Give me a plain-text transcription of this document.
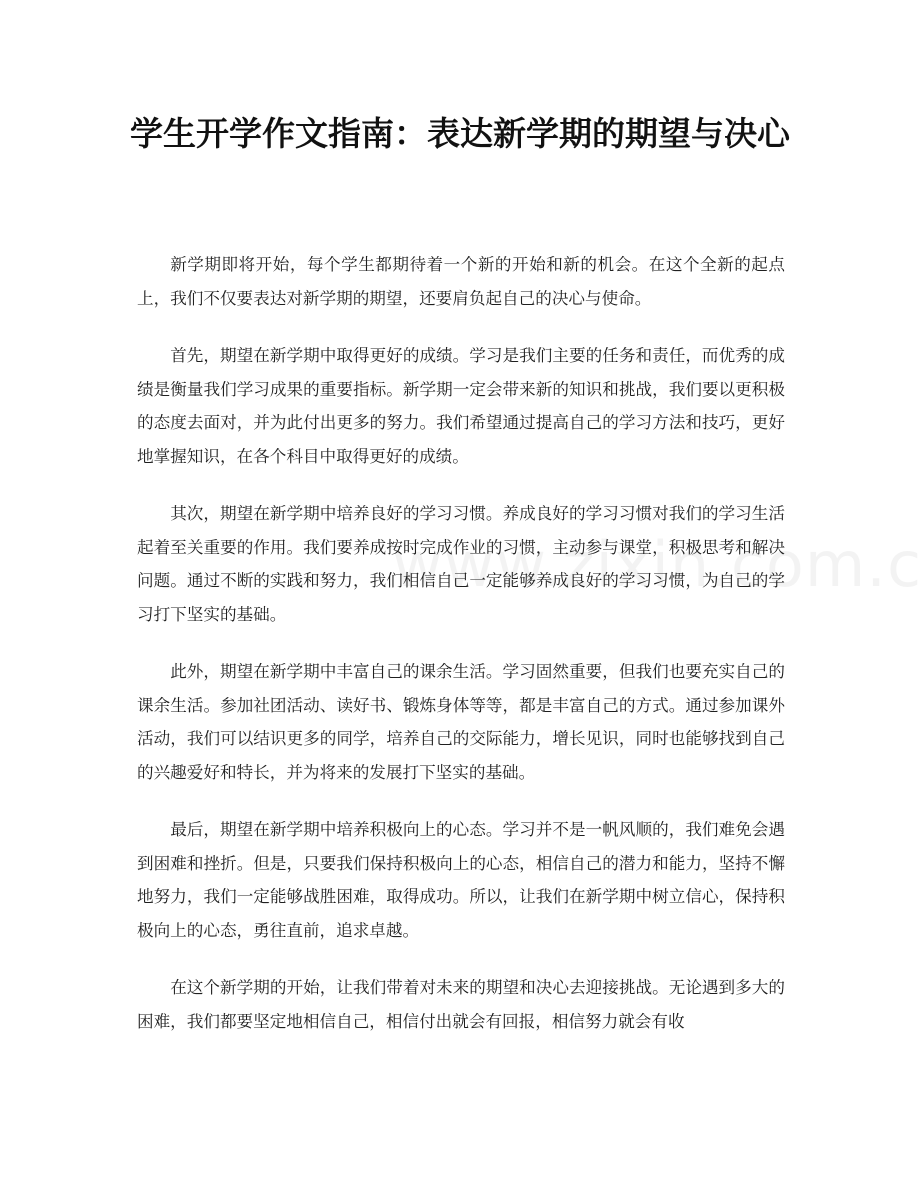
学生开学作文指南：表达新学期的期望与决心

新学期即将开始，每个学生都期待着一个新的开始和新的机会。在这个全新的起点上，我们不仅要表达对新学期的期望，还要肩负起自己的决心与使命。

首先，期望在新学期中取得更好的成绩。学习是我们主要的任务和责任，而优秀的成绩是衡量我们学习成果的重要指标。新学期一定会带来新的知识和挑战，我们要以更积极的态度去面对，并为此付出更多的努力。我们希望通过提高自己的学习方法和技巧，更好地掌握知识，在各个科目中取得更好的成绩。

其次，期望在新学期中培养良好的学习习惯。养成良好的学习习惯对我们的学习生活起着至关重要的作用。我们要养成按时完成作业的习惯，主动参与课堂，积极思考和解决问题。通过不断的实践和努力，我们相信自己一定能够养成良好的学习习惯，为自己的学习打下坚实的基础。

此外，期望在新学期中丰富自己的课余生活。学习固然重要，但我们也要充实自己的课余生活。参加社团活动、读好书、锻炼身体等等，都是丰富自己的方式。通过参加课外活动，我们可以结识更多的同学，培养自己的交际能力，增长见识，同时也能够找到自己的兴趣爱好和特长，并为将来的发展打下坚实的基础。

最后，期望在新学期中培养积极向上的心态。学习并不是一帆风顺的，我们难免会遇到困难和挫折。但是，只要我们保持积极向上的心态，相信自己的潜力和能力，坚持不懈地努力，我们一定能够战胜困难，取得成功。所以，让我们在新学期中树立信心，保持积极向上的心态，勇往直前，追求卓越。

在这个新学期的开始，让我们带着对未来的期望和决心去迎接挑战。无论遇到多大的困难，我们都要坚定地相信自己，相信付出就会有回报，相信努力就会有收
